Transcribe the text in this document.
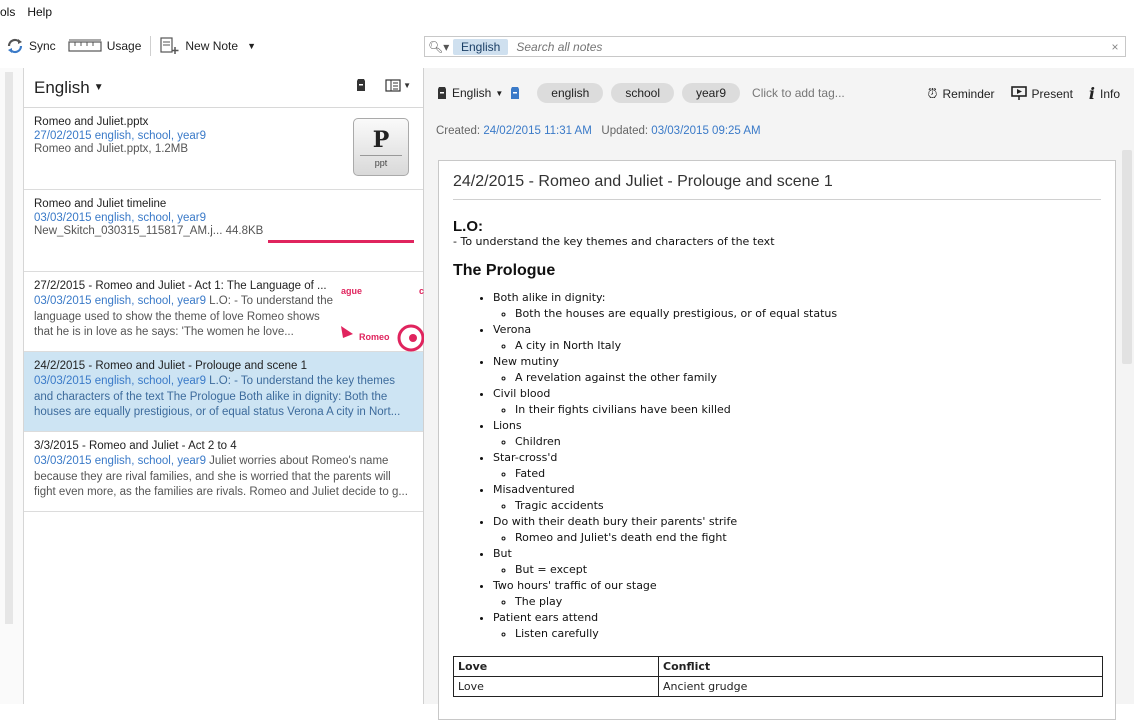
ols	Help
Sync	Usage	New Note ▼	🔍︎▾ English
Search all notes	×
English ▼	▼
Romeo and Juliet.pptx
27/02/2015 english, school, year9
Romeo and Juliet.pptx, 1.2MB	P
ppt
Romeo and Juliet timeline
03/03/2015 english, school, year9
New_Skitch_030315_115817_AM.j... 44.8KB
27/2/2015 - Romeo and Juliet - Act 1: The Language of ...
03/03/2015 english, school, year9 L.O: - To understand the language used to show the theme of love Romeo shows that he is in love as he says: 'The women he love...
ague	c
Romeo
24/2/2015 - Romeo and Juliet - Prolouge and scene 1
03/03/2015 english, school, year9 L.O: - To understand the key themes and characters of the text The Prologue Both alike in dignity: Both the houses are equally prestigious, or of equal status Verona A city in Nort...
3/3/2015 - Romeo and Juliet - Act 2 to 4
03/03/2015 english, school, year9 Juliet worries about Romeo's name because they are rival families, and she is worried that the parents will fight even more, as the families are rivals. Romeo and Juliet decide to g...
English ▼	english	school	year9	Click to add tag...	⏰︎ Reminder	Present i Info
Created: 24/02/2015 11:31 AM Updated: 03/03/2015 09:25 AM
24/2/2015 - Romeo and Juliet - Prolouge and scene 1
L.O:

- To understand the key themes and characters of the text

The Prologue
• Both alike in dignity:
◦ Both the houses are equally prestigious, or of equal status
• Verona
◦ A city in North Italy
• New mutiny
◦ A revelation against the other family
• Civil blood
◦ In their fights civilians have been killed
• Lions
◦ Children
• Star-cross'd
◦ Fated
• Misadventured
◦ Tragic accidents
• Do with their death bury their parents' strife
◦ Romeo and Juliet's death end the fight
• But
◦ But = except
• Two hours' traffic of our stage
◦ The play
• Patient ears attend
◦ Listen carefully
Love	Conflict
Love	Ancient grudge
